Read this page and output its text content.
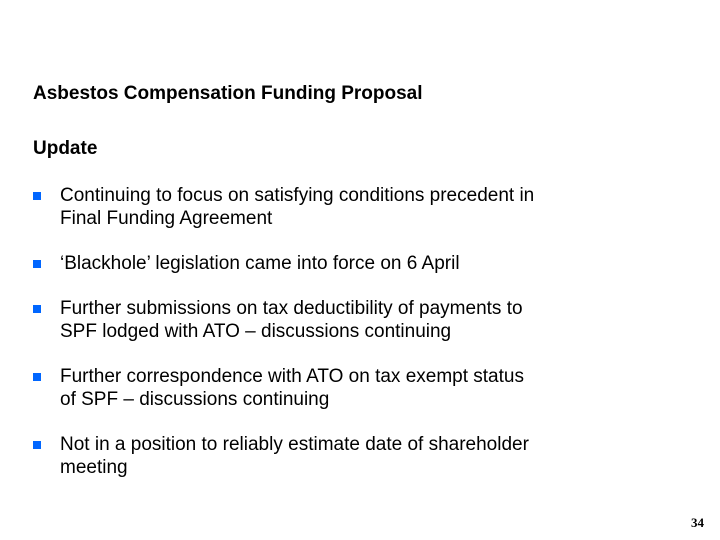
Asbestos Compensation Funding Proposal
Update
Continuing to focus on satisfying conditions precedent in
Final Funding Agreement
‘Blackhole’ legislation came into force on 6 April
Further submissions on tax deductibility of payments to
SPF lodged with ATO – discussions continuing
Further correspondence with ATO on tax exempt status
of SPF – discussions continuing
Not in a position to reliably estimate date of shareholder
meeting
34
